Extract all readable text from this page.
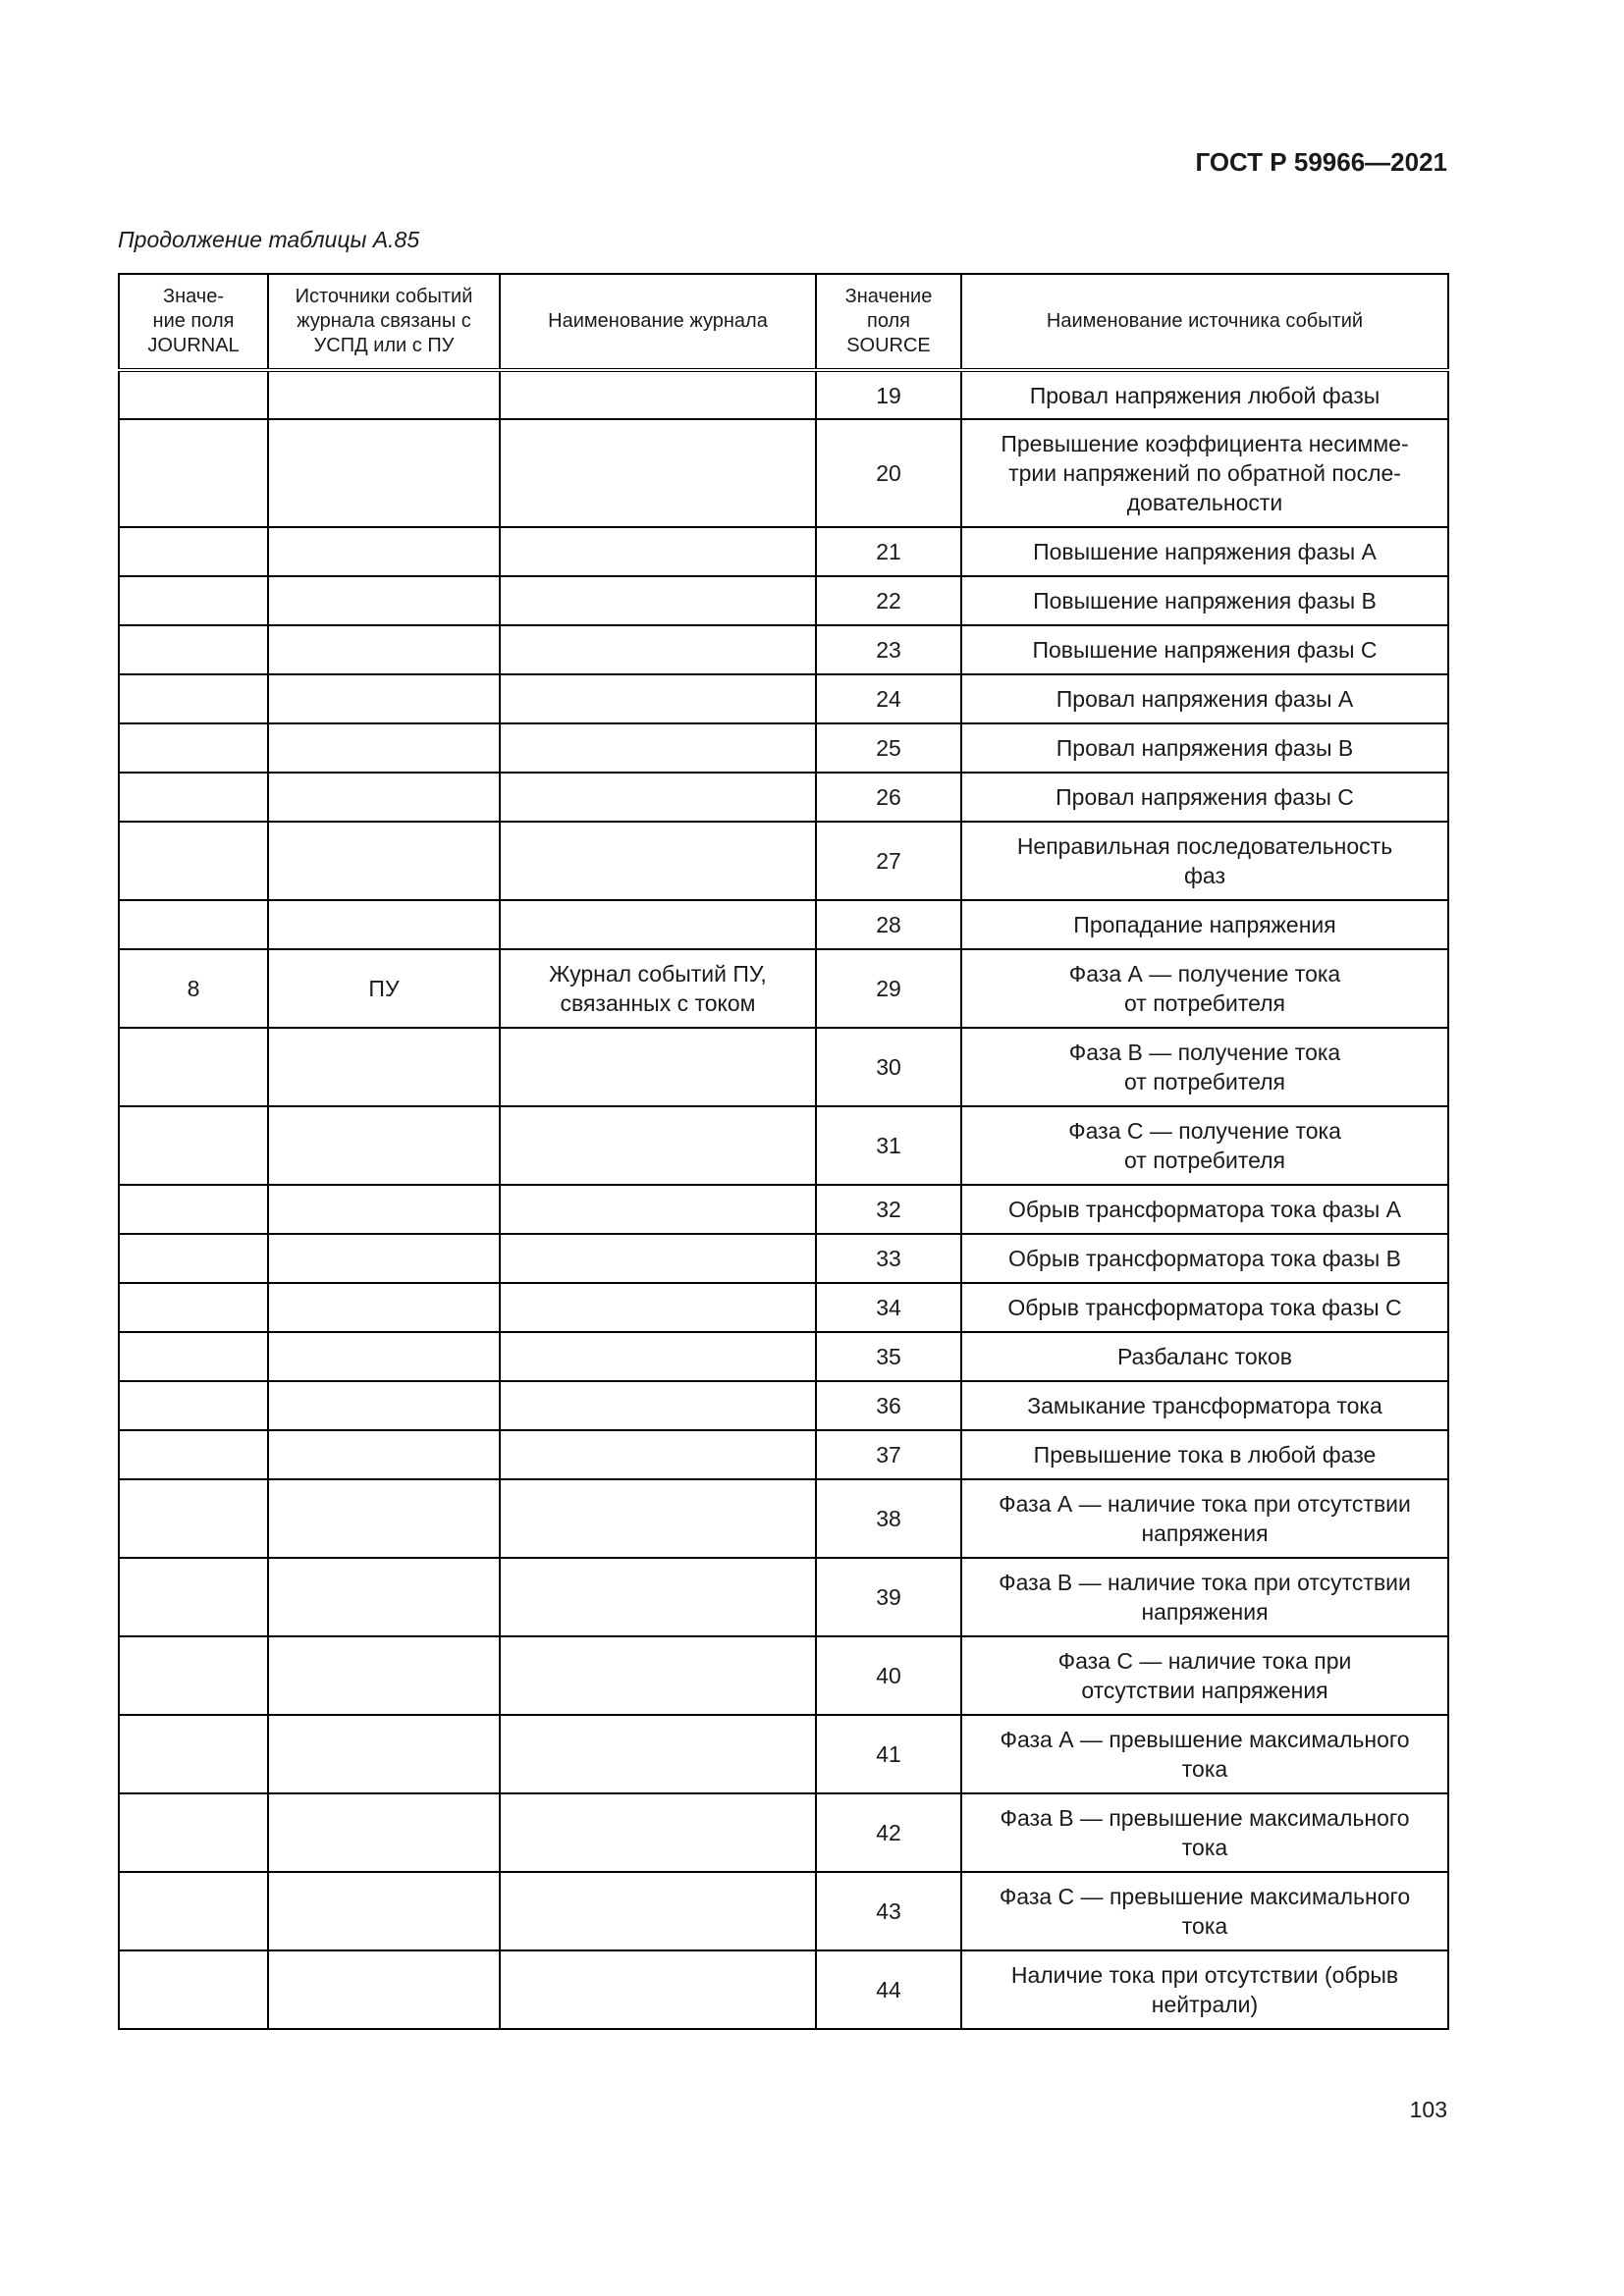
ГОСТ Р 59966—2021
Продолжение таблицы А.85
Значе-
ние поля
JOURNAL	Источники событий
журнала связаны с
УСПД или с ПУ	Наименование журнала	Значение
поля
SOURCE	Наименование источника событий
			19	Провал напряжения любой фазы
			20	Превышение коэффициента несимме-
трии напряжений по обратной после-
довательности
			21	Повышение напряжения фазы А
			22	Повышение напряжения фазы В
			23	Повышение напряжения фазы С
			24	Провал напряжения фазы А
			25	Провал напряжения фазы В
			26	Провал напряжения фазы С
			27	Неправильная последовательность
фаз
			28	Пропадание напряжения
8	ПУ	Журнал событий ПУ,
связанных с током	29	Фаза А — получение тока
от потребителя
			30	Фаза В — получение тока
от потребителя
			31	Фаза С — получение тока
от потребителя
			32	Обрыв трансформатора тока фазы А
			33	Обрыв трансформатора тока фазы В
			34	Обрыв трансформатора тока фазы С
			35	Разбаланс токов
			36	Замыкание трансформатора тока
			37	Превышение тока в любой фазе
			38	Фаза А — наличие тока при отсутствии
напряжения
			39	Фаза В — наличие тока при отсутствии
напряжения
			40	Фаза С — наличие тока при
отсутствии напряжения
			41	Фаза А — превышение максимального
тока
			42	Фаза В — превышение максимального
тока
			43	Фаза С — превышение максимального
тока
			44	Наличие тока при отсутствии (обрыв
нейтрали)
103
